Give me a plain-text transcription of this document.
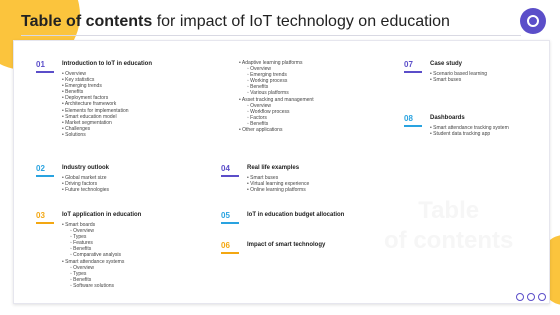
Table of contents for impact of IoT technology on education
Table
of contents
01	Introduction to IoT in education
• Overview
• Key statistics
• Emerging trends
• Benefits
• Deployment factors
• Architecture framework
• Elements for implementation
• Smart education model
• Market segmentation
• Challenges
• Solutions
02	Industry outlook
• Global market size
• Driving factors
• Future technologies
03	IoT application in education
• Smart boards
◦ Overview
◦ Types
◦ Features
◦ Benefits
◦ Comparative analysis
• Smart attendance systems
◦ Overview
◦ Types
◦ Benefits
◦ Software solutions
• Adaptive learning platforms
◦ Overview
◦ Emerging trends
◦ Working process
◦ Benefits
◦ Various platforms
• Asset tracking and management
◦ Overview
◦ Workflow process
◦ Factors
◦ Benefits
• Other applications
04	Real life examples
• Smart buses
• Virtual learning experience
• Online learning platforms
05	IoT in education budget allocation
06	Impact of smart technology
07	Case study
• Scenario based learning
• Smart buses
08	Dashboards
• Smart attendance tracking system
• Student data tracking app
